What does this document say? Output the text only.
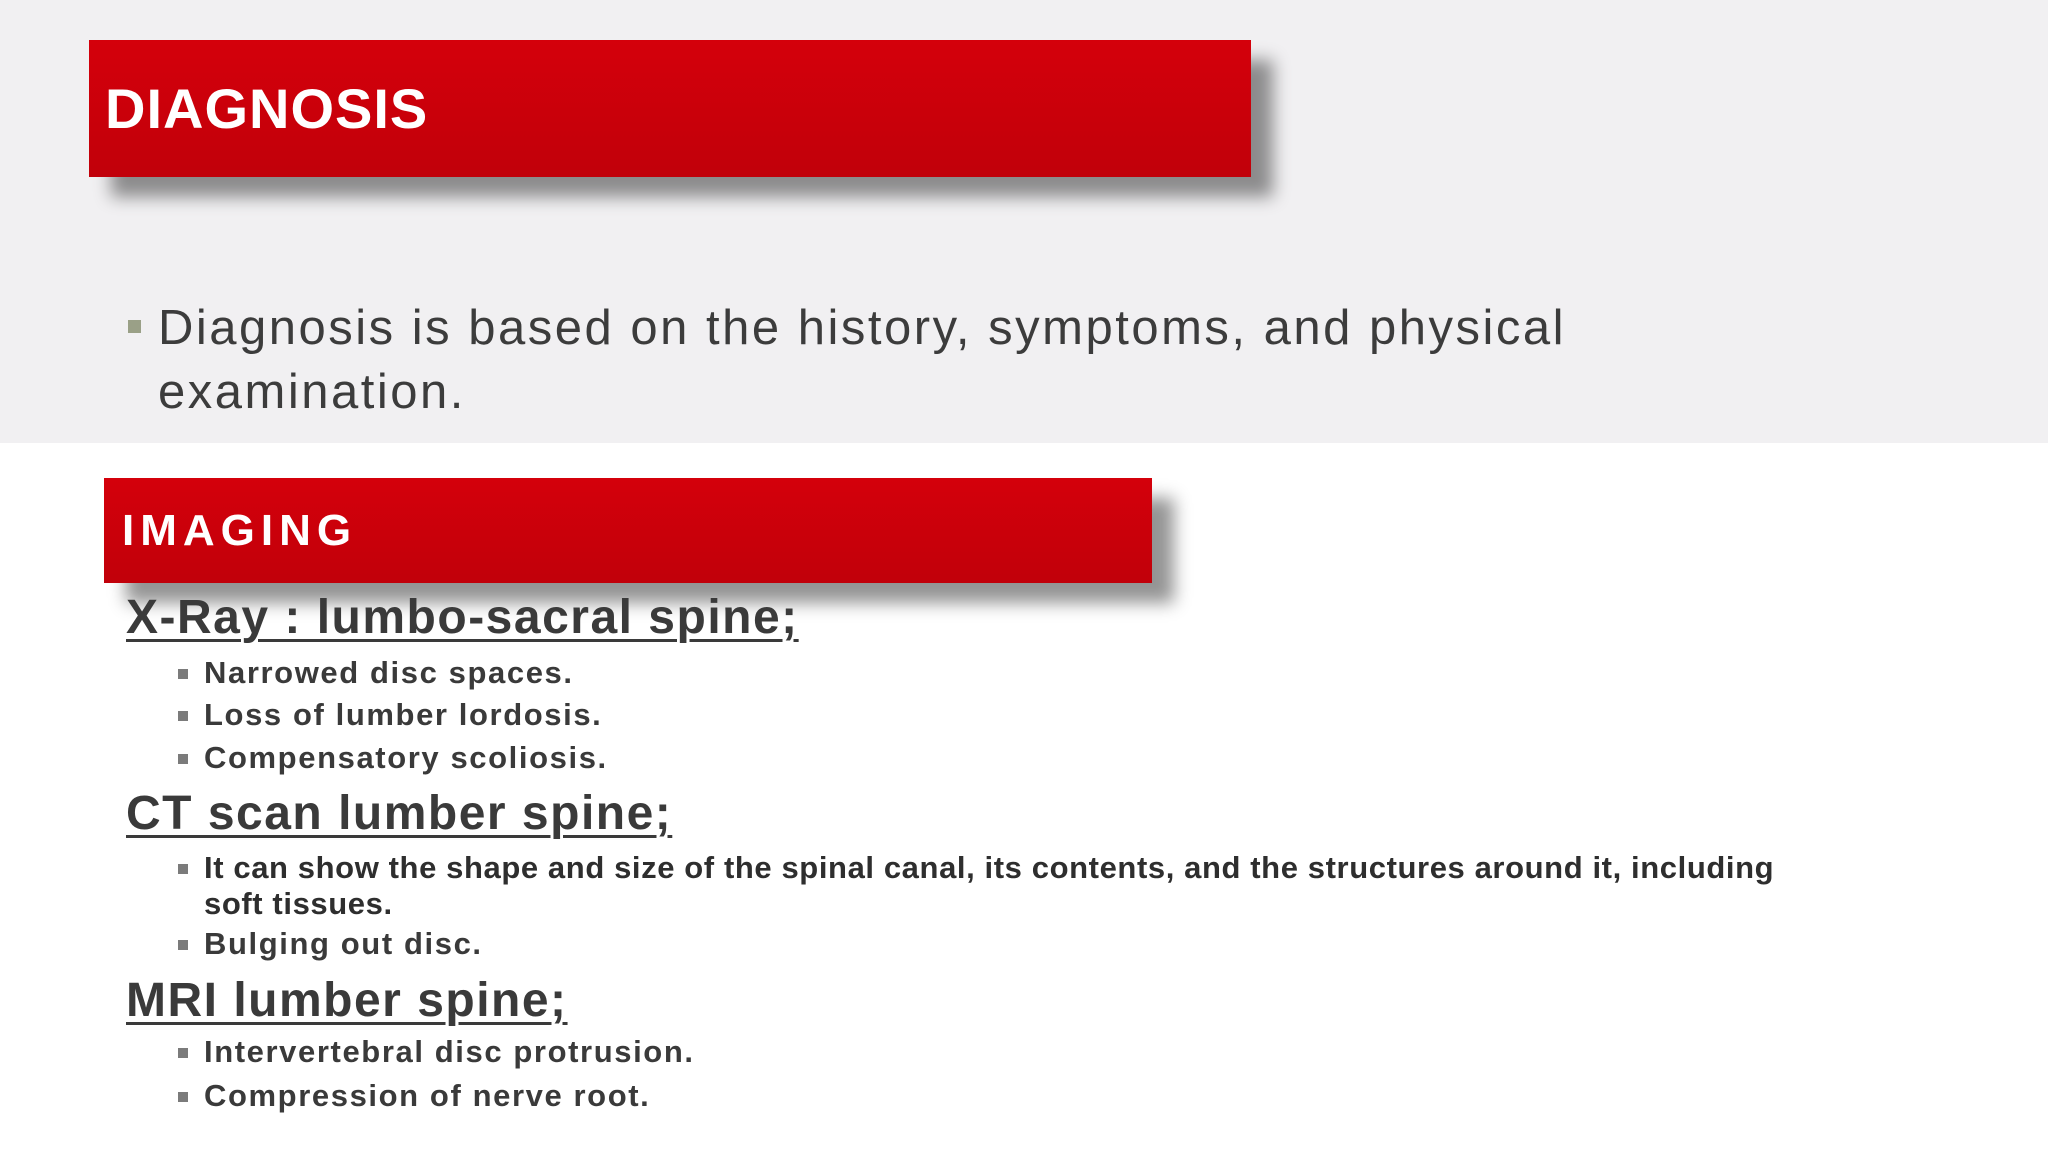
DIAGNOSIS

Diagnosis is based on the history, symptoms, and physical examination.

IMAGING

X-Ray : lumbo-sacral spine;

Narrowed disc spaces.

Loss of lumber lordosis.

Compensatory scoliosis.

CT scan lumber spine;

It can show the shape and size of the spinal canal, its contents, and the structures around it, including soft tissues.

Bulging out disc.

MRI lumber spine;

Intervertebral disc protrusion.

Compression of nerve root.
